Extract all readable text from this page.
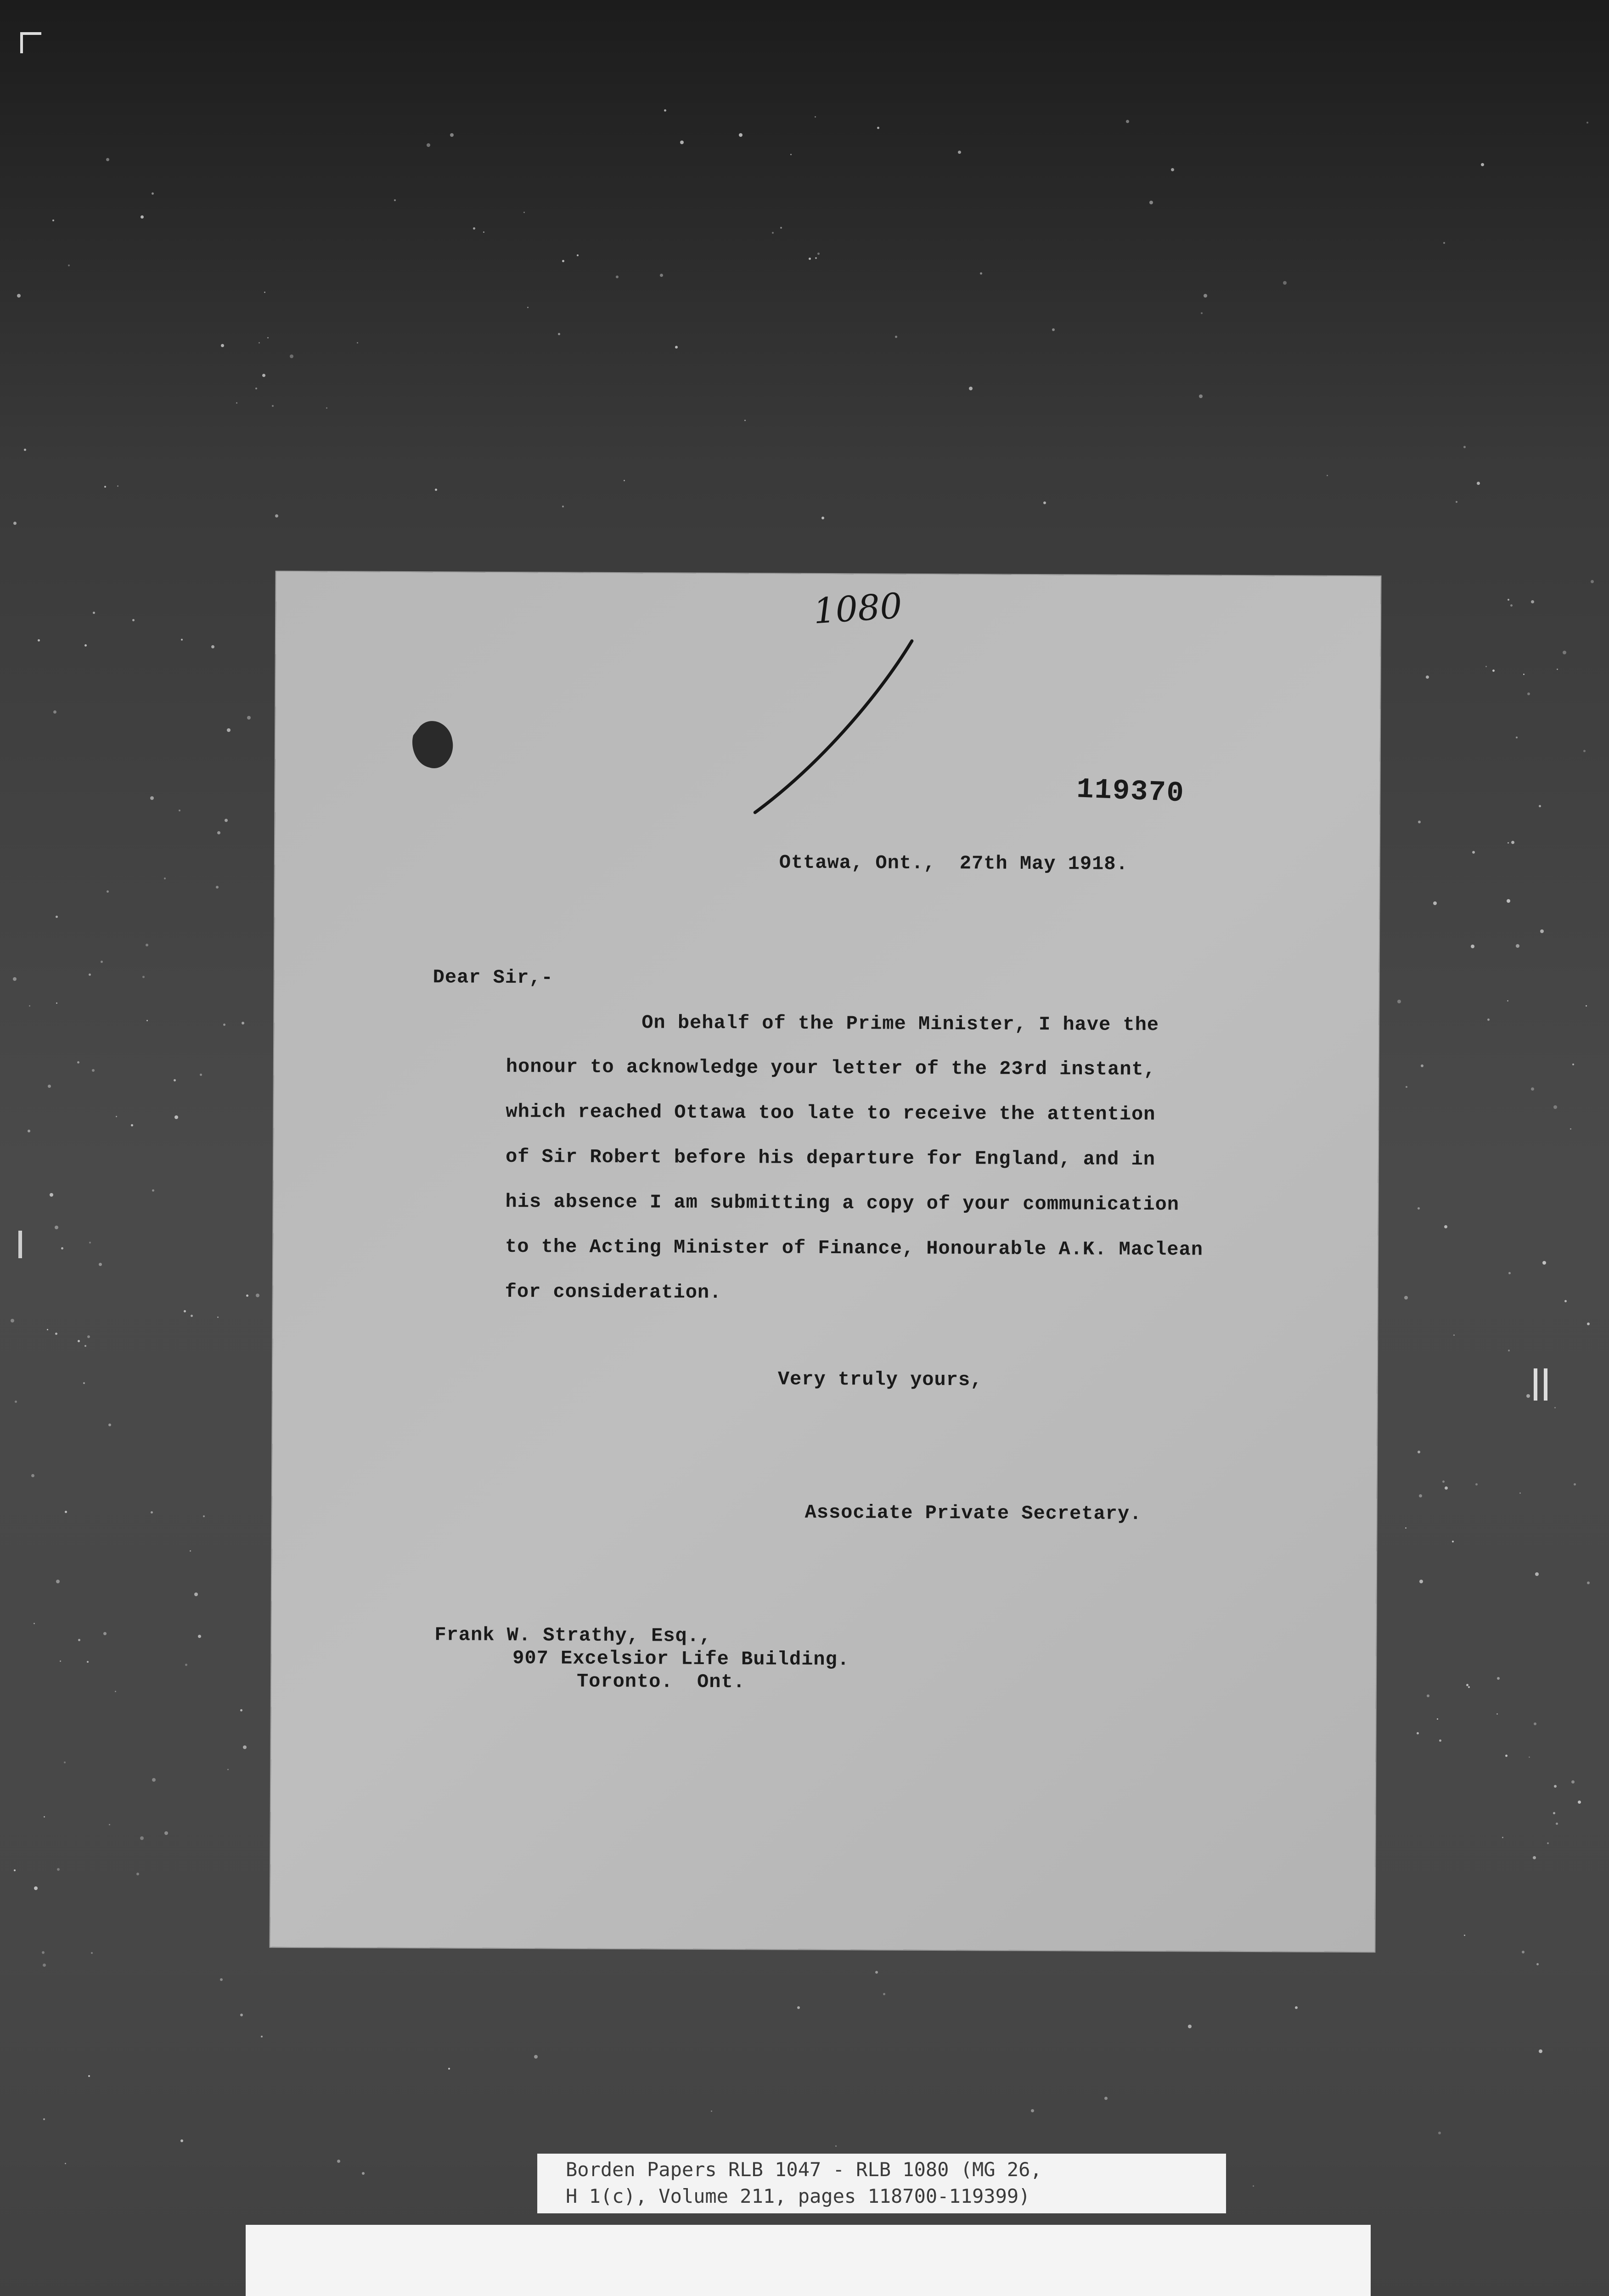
1080

119370

Ottawa, Ont.,  27th May 1918.

Dear Sir,-

On behalf of the Prime Minister, I have the

honour to acknowledge your letter of the 23rd instant,

which reached Ottawa too late to receive the attention

of Sir Robert before his departure for England, and in

his absence I am submitting a copy of your communication

to the Acting Minister of Finance, Honourable A.K. Maclean

for consideration.

Very truly yours,

Associate Private Secretary.

Frank W. Strathy, Esq.,

907 Excelsior Life Building.

Toronto.  Ont.

Borden Papers RLB 1047 - RLB 1080 (MG 26,
H 1(c), Volume 211, pages 118700-119399)
